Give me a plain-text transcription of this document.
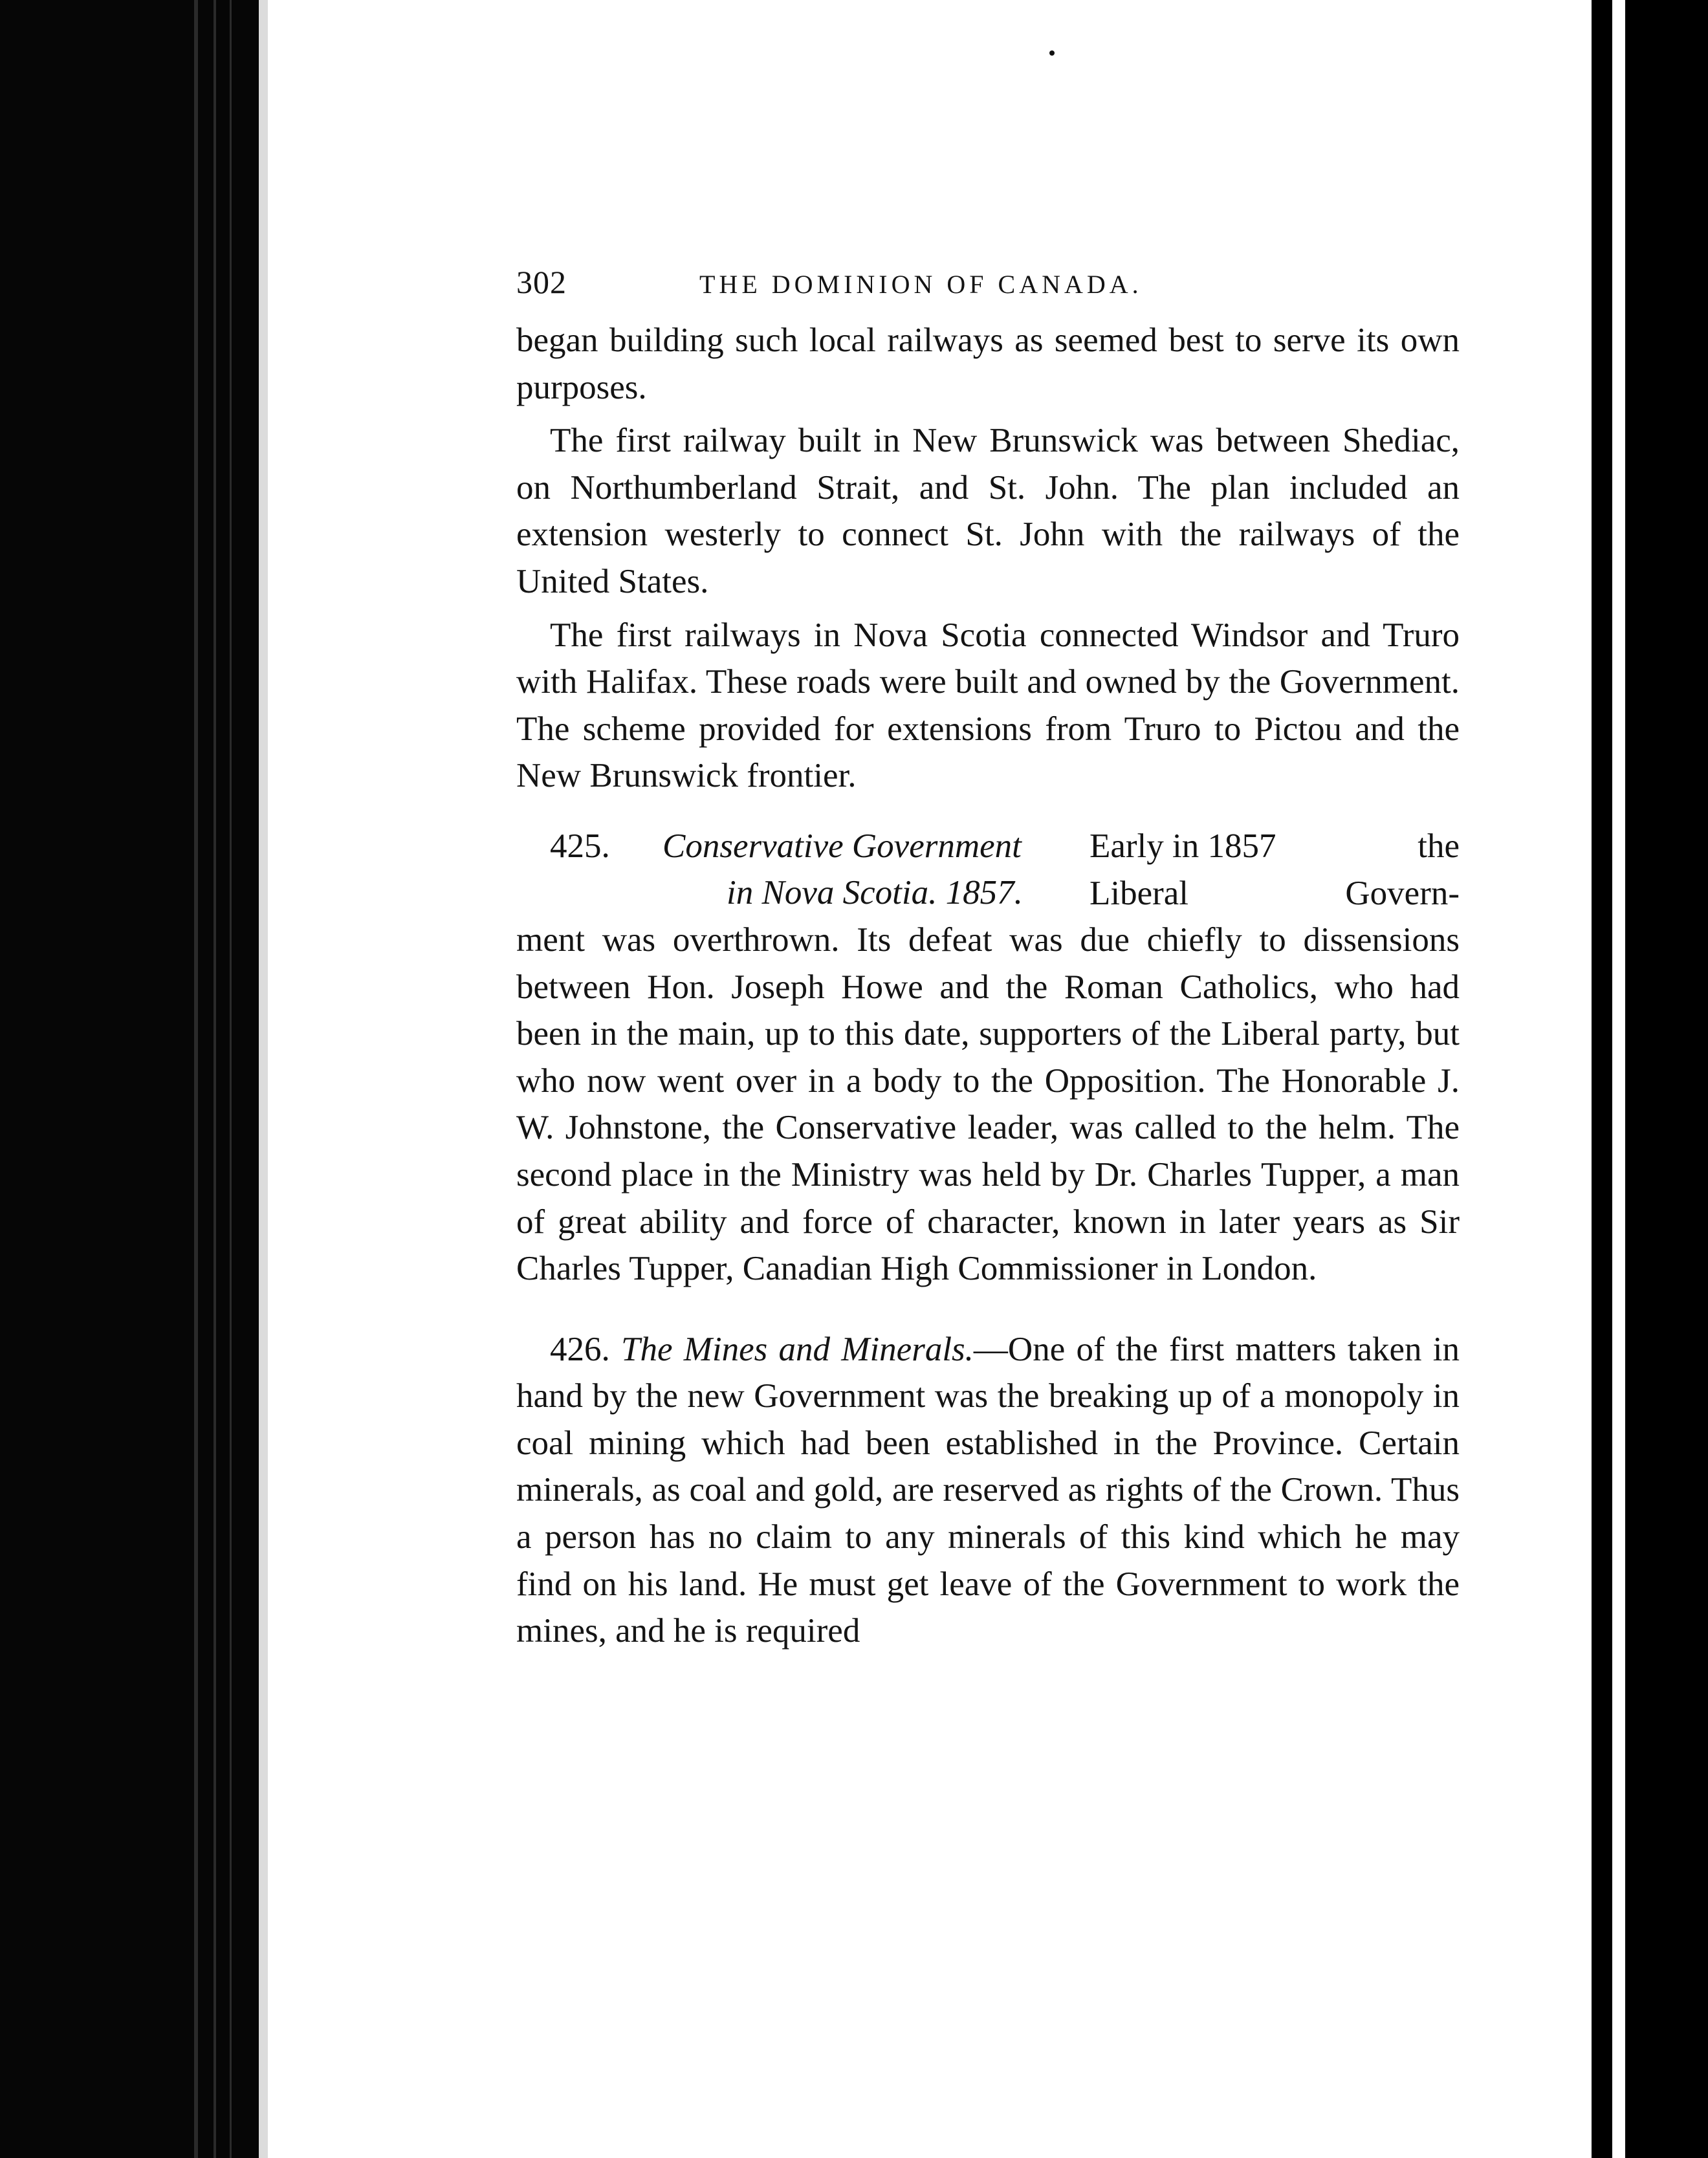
302	THE DOMINION OF CANADA.

began building such local railways as seemed best to serve its own purposes.

The first railway built in New Brunswick was between Shediac, on Northumberland Strait, and St. John. The plan included an extension westerly to connect St. John with the railways of the United States.

The first railways in Nova Scotia connected Windsor and Truro with Halifax. These roads were built and owned by the Government. The scheme provided for extensions from Truro to Pictou and the New Brunswick frontier.

425. Conservative Government
in Nova Scotia. 1857.
Early in 1857	the
Liberal	Govern-

ment was overthrown. Its defeat was due chiefly to dissensions between Hon. Joseph Howe and the Roman Catholics, who had been in the main, up to this date, supporters of the Liberal party, but who now went over in a body to the Opposition. The Honorable J. W. Johnstone, the Conservative leader, was called to the helm. The second place in the Ministry was held by Dr. Charles Tupper, a man of great ability and force of character, known in later years as Sir Charles Tupper, Canadian High Commissioner in London.

426. The Mines and Minerals.—One of the first matters taken in hand by the new Government was the breaking up of a monopoly in coal mining which had been established in the Province. Certain minerals, as coal and gold, are reserved as rights of the Crown. Thus a person has no claim to any minerals of this kind which he may find on his land. He must get leave of the Government to work the mines, and he is required
